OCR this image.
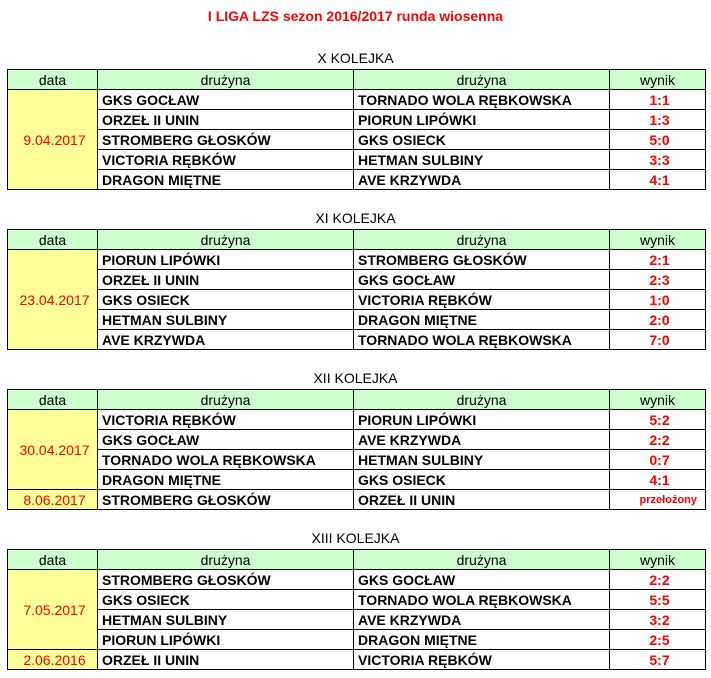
I LIGA LZS sezon 2016/2017 runda wiosenna
X KOLEJKA
data	drużyna	drużyna	wynik
9.04.2017	GKS GOCŁAW	TORNADO WOLA RĘBKOWSKA	1:1
	ORZEŁ II UNIN	PIORUN LIPÓWKI	1:3
	STROMBERG GŁOSKÓW	GKS OSIECK	5:0
	VICTORIA RĘBKÓW	HETMAN SULBINY	3:3
	DRAGON MIĘTNE	AVE KRZYWDA	4:1
XI KOLEJKA
data	drużyna	drużyna	wynik
23.04.2017	PIORUN LIPÓWKI	STROMBERG GŁOSKÓW	2:1
	ORZEŁ II UNIN	GKS GOCŁAW	2:3
	GKS OSIECK	VICTORIA RĘBKÓW	1:0
	HETMAN SULBINY	DRAGON MIĘTNE	2:0
	AVE KRZYWDA	TORNADO WOLA RĘBKOWSKA	7:0
XII KOLEJKA
data	drużyna	drużyna	wynik
30.04.2017	VICTORIA RĘBKÓW	PIORUN LIPÓWKI	5:2
	GKS GOCŁAW	AVE KRZYWDA	2:2
	TORNADO WOLA RĘBKOWSKA	HETMAN SULBINY	0:7
	DRAGON MIĘTNE	GKS OSIECK	4:1
8.06.2017	STROMBERG GŁOSKÓW	ORZEŁ II UNIN	przełożony
XIII KOLEJKA
data	drużyna	drużyna	wynik
7.05.2017	STROMBERG GŁOSKÓW	GKS GOCŁAW	2:2
	GKS OSIECK	TORNADO WOLA RĘBKOWSKA	5:5
	HETMAN SULBINY	AVE KRZYWDA	3:2
	PIORUN LIPÓWKI	DRAGON MIĘTNE	2:5
2.06.2016	ORZEŁ II UNIN	VICTORIA RĘBKÓW	5:7
